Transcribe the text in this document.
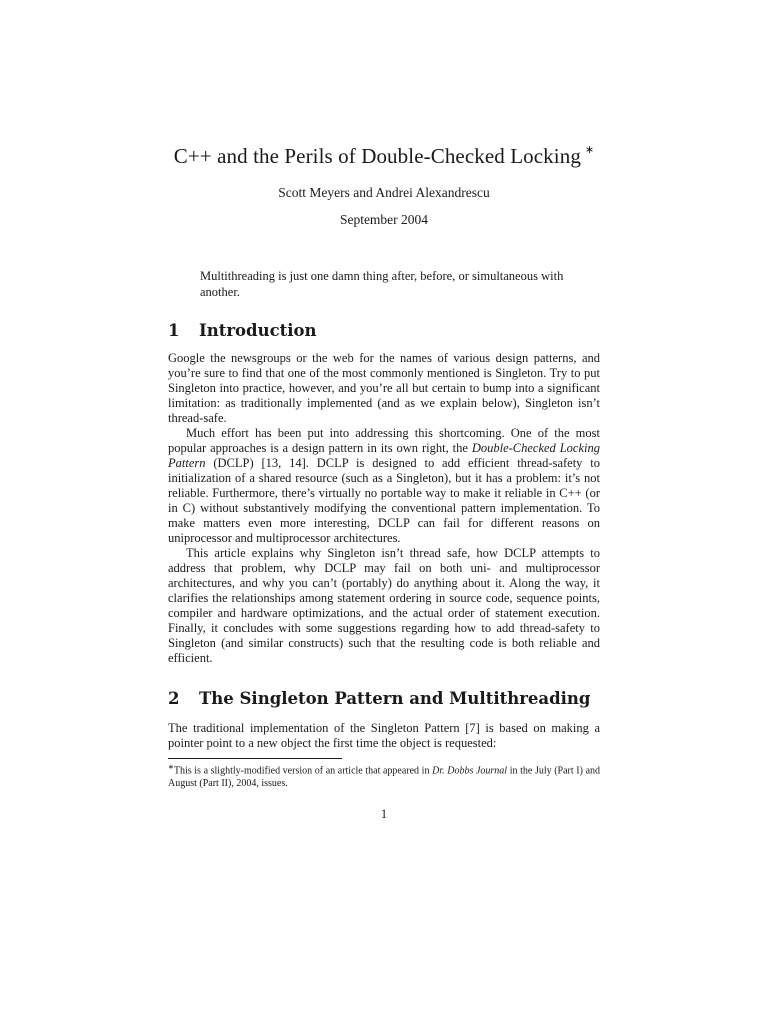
C++ and the Perils of Double-Checked Locking ∗
Scott Meyers and Andrei Alexandrescu
September 2004
Multithreading is just one damn thing after, before, or simultaneous with another.
1 Introduction

Google the newsgroups or the web for the names of various design patterns, and you’re sure to find that one of the most commonly mentioned is Singleton. Try to put Singleton into practice, however, and you’re all but certain to bump into a significant limitation: as traditionally implemented (and as we explain below), Singleton isn’t thread-safe.

Much effort has been put into addressing this shortcoming. One of the most popular approaches is a design pattern in its own right, the Double-Checked Locking Pattern (DCLP) [13, 14]. DCLP is designed to add efficient thread-safety to initialization of a shared resource (such as a Singleton), but it has a problem: it’s not reliable. Furthermore, there’s virtually no portable way to make it reliable in C++ (or in C) without substantively modifying the conventional pattern implementation. To make matters even more interesting, DCLP can fail for different reasons on uniprocessor and multiprocessor architectures.

This article explains why Singleton isn’t thread safe, how DCLP attempts to address that problem, why DCLP may fail on both uni- and multiprocessor architectures, and why you can’t (portably) do anything about it. Along the way, it clarifies the relationships among statement ordering in source code, sequence points, compiler and hardware optimizations, and the actual order of statement execution. Finally, it concludes with some suggestions regarding how to add thread-safety to Singleton (and similar constructs) such that the resulting code is both reliable and efficient.

2 The Singleton Pattern and Multithreading

The traditional implementation of the Singleton Pattern [7] is based on making a pointer point to a new object the first time the object is requested:

∗This is a slightly-modified version of an article that appeared in Dr. Dobbs Journal in the July (Part I) and August (Part II), 2004, issues.
1
